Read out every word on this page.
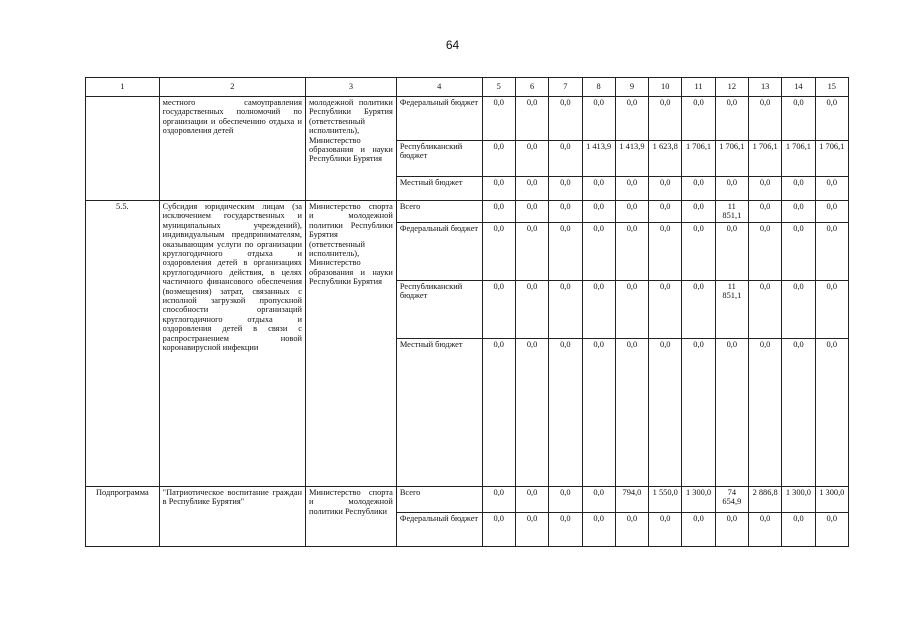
64
1	2	3	4	5	6	7	8	9	10	11	12	13	14	15
	местного самоуправления государственных полномочий по организации и обеспечению отдыха и оздоровления детей	молодежной политики Республики Бурятия (ответственный исполнитель), Министерство образования и науки Республики Бурятия	Федеральный бюджет	0,0	0,0	0,0	0,0	0,0	0,0	0,0	0,0	0,0	0,0	0,0
			Республиканский бюджет	0,0	0,0	0,0	1 413,9	1 413,9	1 623,8	1 706,1	1 706,1	1 706,1	1 706,1	1 706,1
			Местный бюджет	0,0	0,0	0,0	0,0	0,0	0,0	0,0	0,0	0,0	0,0	0,0
5.5.	Субсидия юридическим лицам (за исключением государственных и муниципальных учреждений), индивидуальным предпринимателям, оказывающим услуги по организации круглогодичного отдыха и оздоровления детей в организациях круглогодичного действия, в целях частичного финансового обеспечения (возмещения) затрат, связанных с исполной загрузкой пропускной способности организаций круглогодичного отдыха и оздоровления детей в связи с распространением новой коронавирусной инфекции	Министерство спорта и молодежной политики Республики Бурятия (ответственный исполнитель), Министерство образования и науки Республики Бурятия	Всего	0,0	0,0	0,0	0,0	0,0	0,0	0,0	11 851,1	0,0	0,0	0,0
			Федеральный бюджет	0,0	0,0	0,0	0,0	0,0	0,0	0,0	0,0	0,0	0,0	0,0
			Республиканский бюджет	0,0	0,0	0,0	0,0	0,0	0,0	0,0	11 851,1	0,0	0,0	0,0
			Местный бюджет	0,0	0,0	0,0	0,0	0,0	0,0	0,0	0,0	0,0	0,0	0,0
Подпрограмма	"Патриотическое воспитание граждан в Республике Бурятия"	Министерство спорта и молодежной политики Республики	Всего	0,0	0,0	0,0	0,0	794,0	1 550,0	1 300,0	74 654,9	2 886,8	1 300,0	1 300,0
			Федеральный бюджет	0,0	0,0	0,0	0,0	0,0	0,0	0,0	0,0	0,0	0,0	0,0
